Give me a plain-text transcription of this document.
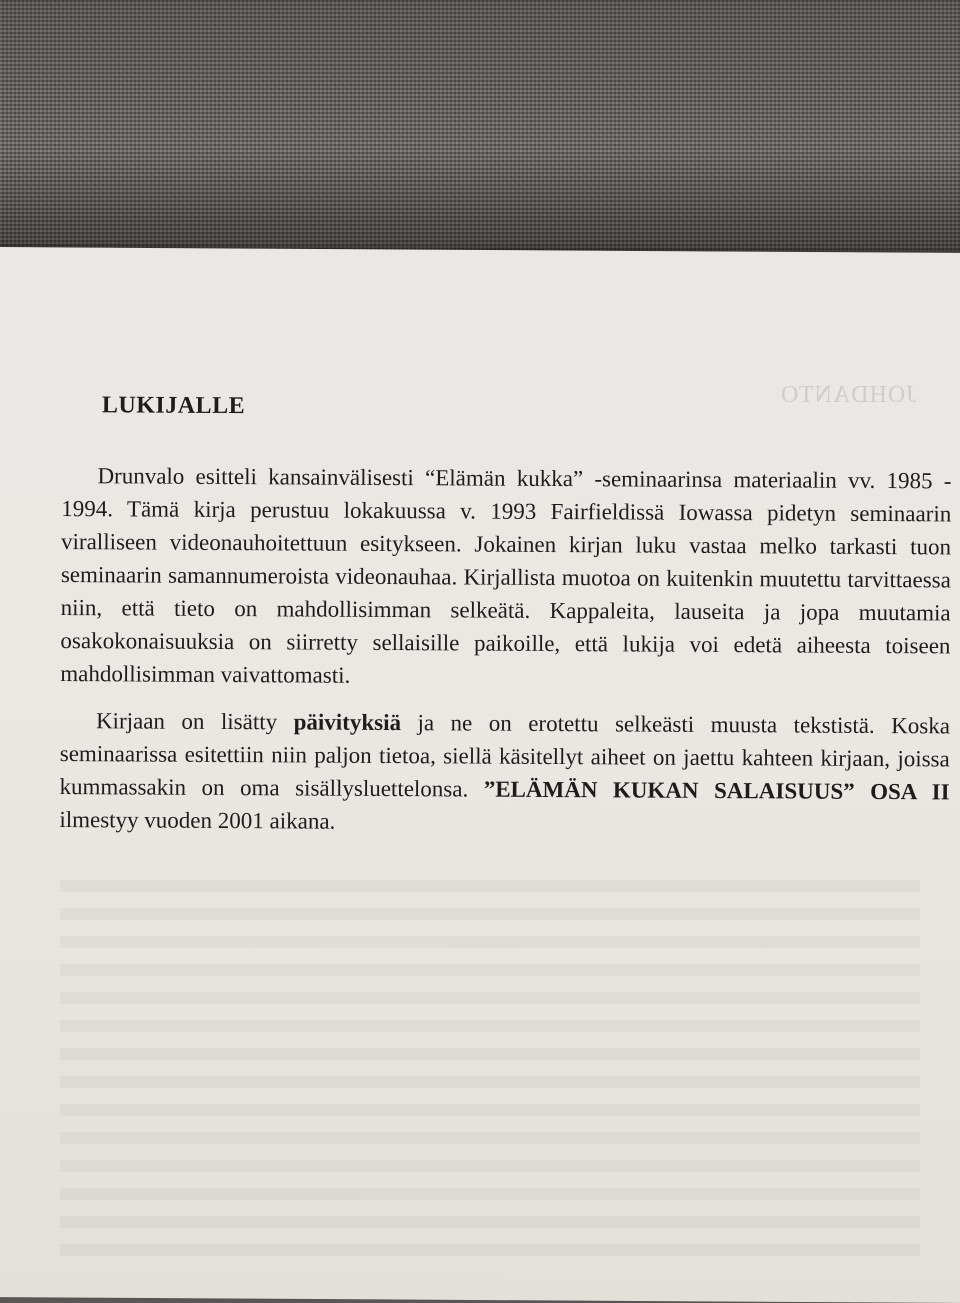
JOHDANTO
LUKIJALLE

Drunvalo esitteli kansainvälisesti “Elämän kukka” -seminaarinsa materiaalin vv. 1985 - 1994. Tämä kirja perustuu lokakuussa v. 1993 Fairfieldissä Iowassa pidetyn seminaarin viralliseen videonauhoitettuun esitykseen. Jokainen kirjan luku vastaa melko tarkasti tuon seminaarin samannumeroista videonauhaa. Kirjallista muotoa on kuitenkin muutettu tarvittaessa niin, että tieto on mahdollisimman selkeätä. Kappaleita, lauseita ja jopa muutamia osakokonaisuuksia on siirretty sellaisille paikoille, että lukija voi edetä aiheesta toiseen mahdollisimman vaivattomasti.

Kirjaan on lisätty päivityksiä ja ne on erotettu selkeästi muusta tekstistä. Koska seminaarissa esitettiin niin paljon tietoa, siellä käsitellyt aiheet on jaettu kahteen kirjaan, joissa kummassakin on oma sisällysluettelonsa. ”ELÄMÄN KUKAN SALAISUUS” OSA II ilmestyy vuoden 2001 aikana.
